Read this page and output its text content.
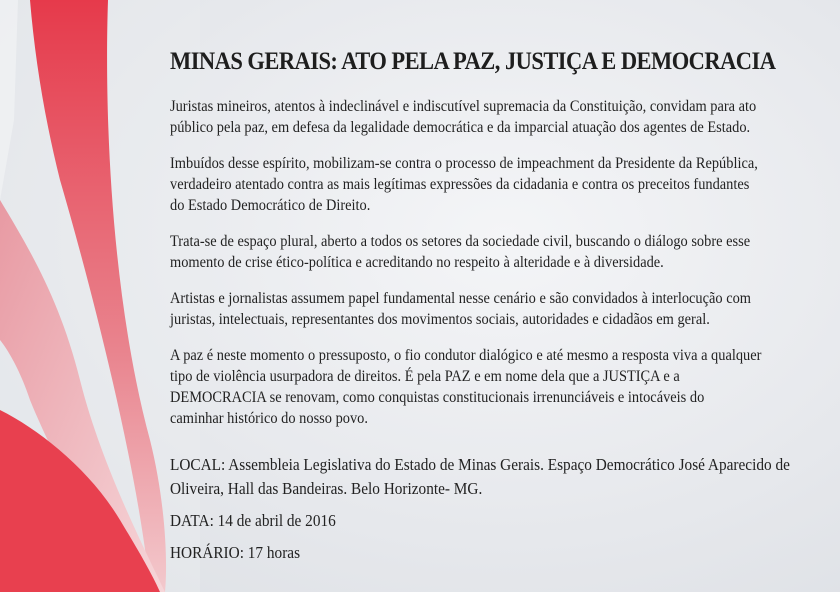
MINAS GERAIS: ATO PELA PAZ, JUSTIÇA E DEMOCRACIA
Juristas mineiros, atentos à indeclinável e indiscutível supremacia da Constituição, convidam para ato
público pela paz, em defesa da legalidade democrática e da imparcial atuação dos agentes de Estado.
Imbuídos desse espírito, mobilizam-se contra o processo de impeachment da Presidente da República,
verdadeiro atentado contra as mais legítimas expressões da cidadania e contra os preceitos fundantes
do Estado Democrático de Direito.
Trata-se de espaço plural, aberto a todos os setores da sociedade civil, buscando o diálogo sobre esse
momento de crise ético-política e acreditando no respeito à alteridade e à diversidade.
Artistas e jornalistas assumem papel fundamental nesse cenário e são convidados à interlocução com
juristas, intelectuais, representantes dos movimentos sociais, autoridades e cidadãos em geral.
A paz é neste momento o pressuposto, o fio condutor dialógico e até mesmo a resposta viva a qualquer
tipo de violência usurpadora de direitos. É pela PAZ e em nome dela que a JUSTIÇA e a
DEMOCRACIA se renovam, como conquistas constitucionais irrenunciáveis e intocáveis do
caminhar histórico do nosso povo.
LOCAL: Assembleia Legislativa do Estado de Minas Gerais. Espaço Democrático José Aparecido de
Oliveira, Hall das Bandeiras. Belo Horizonte- MG.
DATA: 14 de abril de 2016
HORÁRIO: 17 horas
